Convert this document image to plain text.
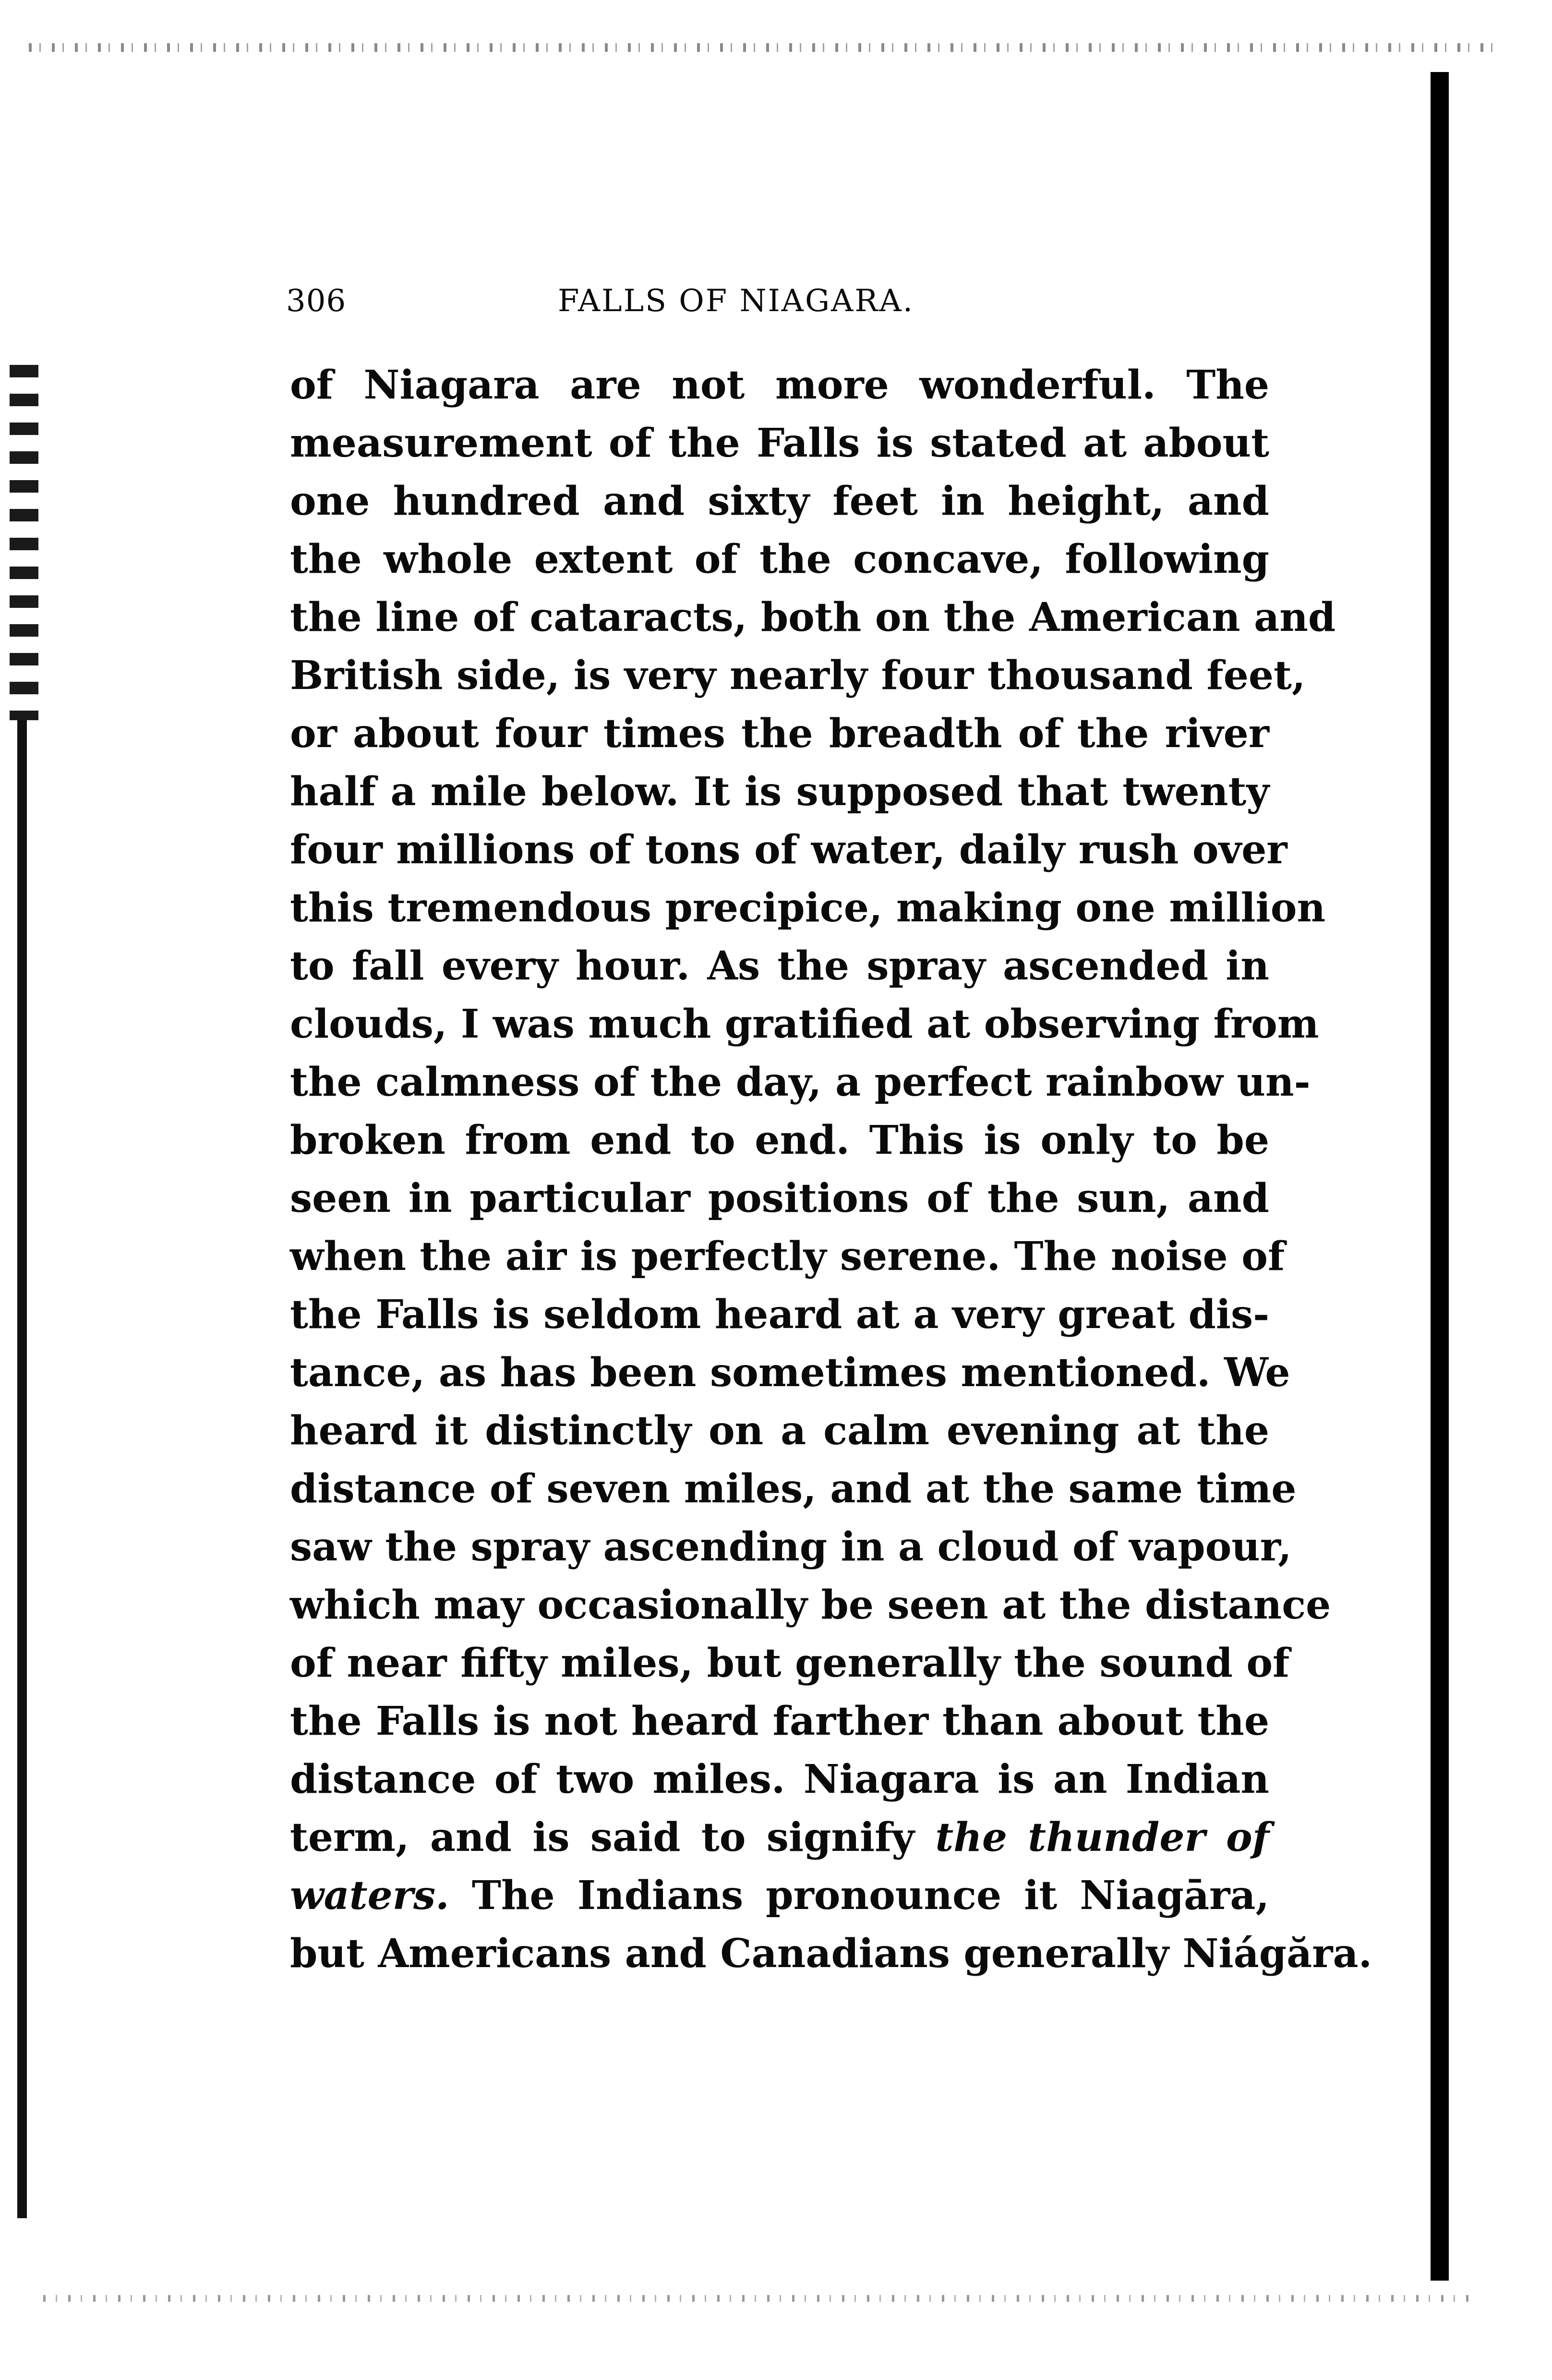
306	FALLS OF NIAGARA.
of Niagara are not more wonderful. The
measurement of the Falls is stated at about
one hundred and sixty feet in height, and
the whole extent of the concave, following
the line of cataracts, both on the American and
British side, is very nearly four thousand feet,
or about four times the breadth of the river
half a mile below. It is supposed that twenty
four millions of tons of water, daily rush over
this tremendous precipice, making one million
to fall every hour. As the spray ascended in
clouds, I was much gratified at observing from
the calmness of the day, a perfect rainbow un-
broken from end to end. This is only to be
seen in particular positions of the sun, and
when the air is perfectly serene. The noise of
the Falls is seldom heard at a very great dis-
tance, as has been sometimes mentioned. We
heard it distinctly on a calm evening at the
distance of seven miles, and at the same time
saw the spray ascending in a cloud of vapour,
which may occasionally be seen at the distance
of near fifty miles, but generally the sound of
the Falls is not heard farther than about the
distance of two miles. Niagara is an Indian
term, and is said to signify the thunder of
waters. The Indians pronounce it Niagāra,
but Americans and Canadians generally Niágăra.
